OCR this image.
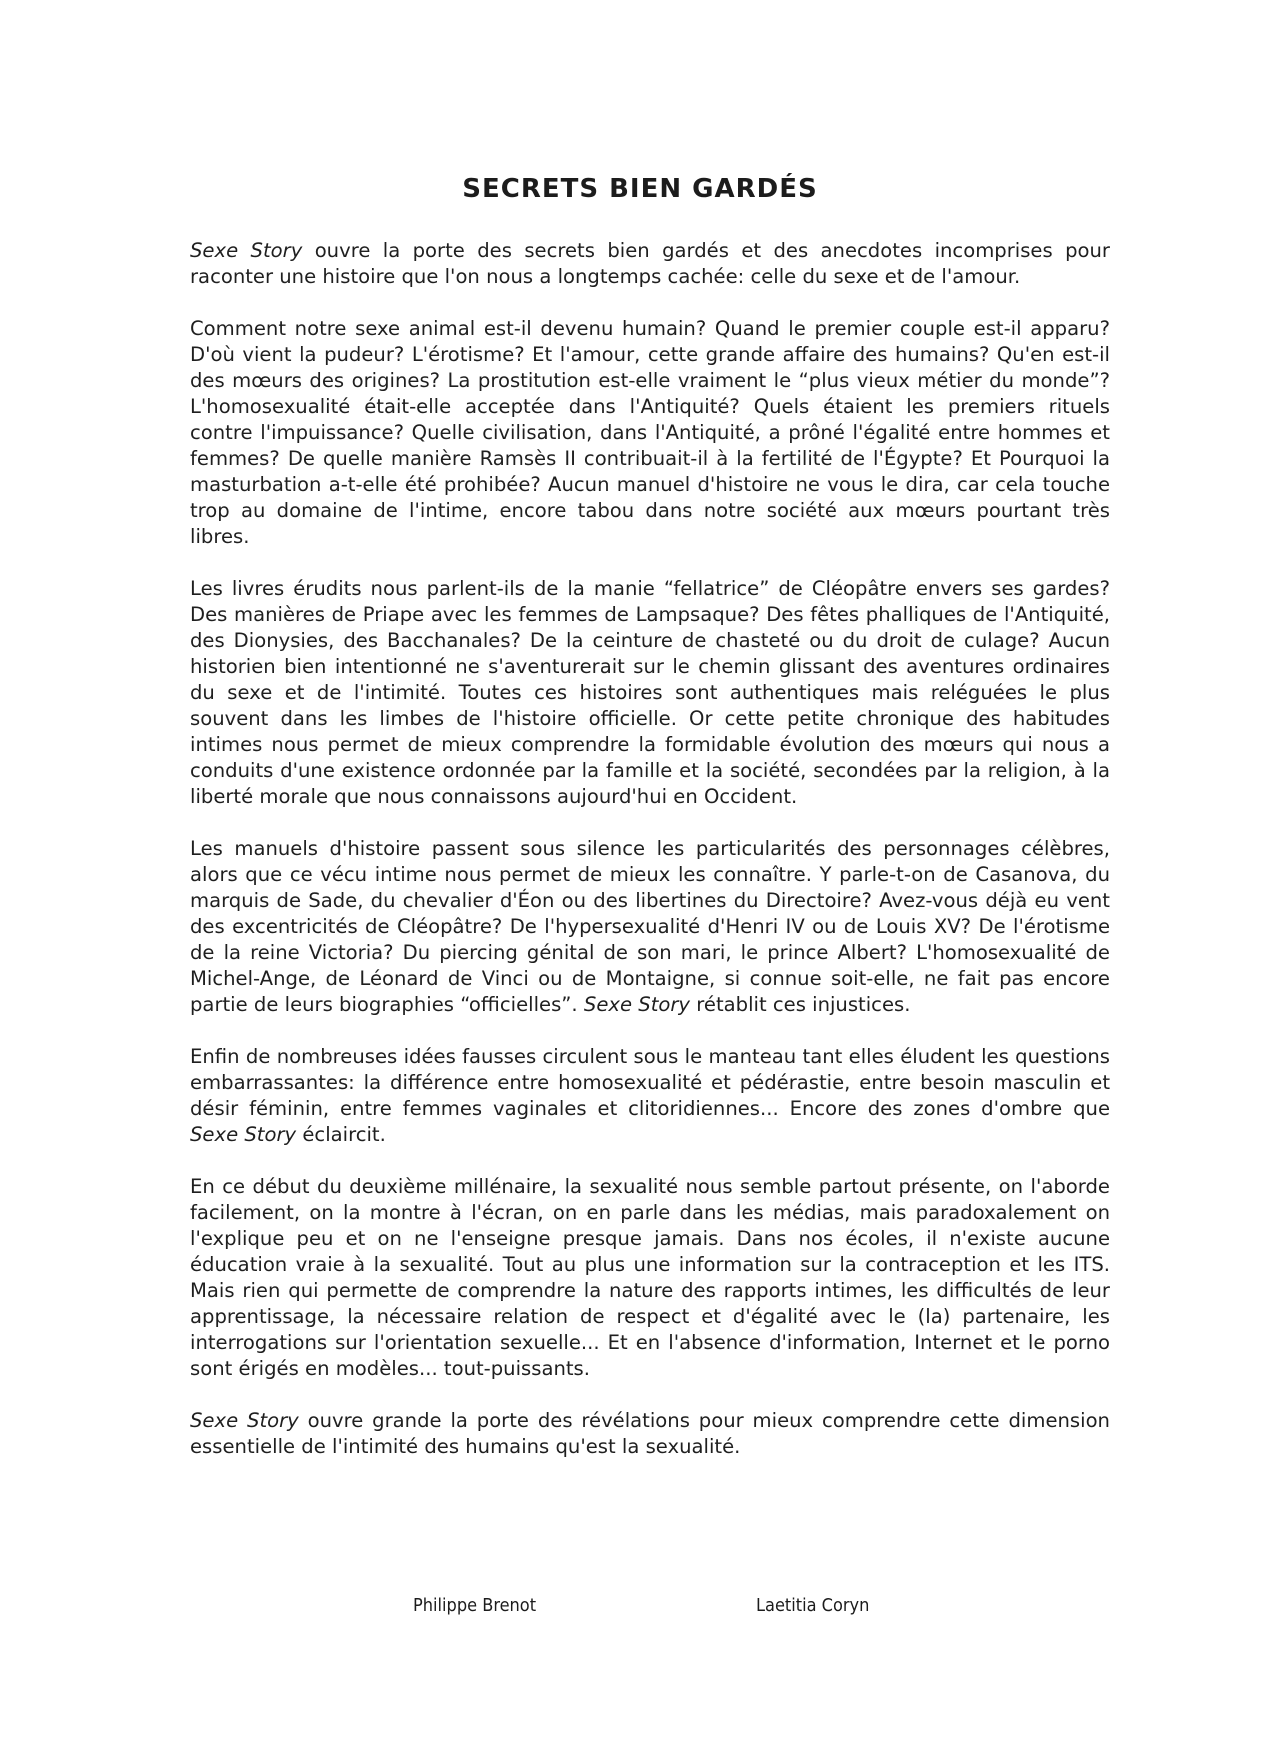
SECRETS BIEN GARDÉS

Sexe Story ouvre la porte des secrets bien gardés et des anecdotes incomprises pour raconter une histoire que l'on nous a longtemps cachée: celle du sexe et de l'amour.

Comment notre sexe animal est-il devenu humain? Quand le premier couple est-il apparu? D'où vient la pudeur? L'érotisme? Et l'amour, cette grande affaire des humains? Qu'en est-il des mœurs des origines? La prostitution est-elle vraiment le “plus vieux métier du monde”? L'homosexualité était-elle acceptée dans l'Antiquité? Quels étaient les premiers rituels contre l'impuissance? Quelle civilisation, dans l'Antiquité, a prôné l'égalité entre hommes et femmes? De quelle manière Ramsès II contribuait-il à la fertilité de l'Égypte? Et Pourquoi la masturbation a-t-elle été prohibée? Aucun manuel d'histoire ne vous le dira, car cela touche trop au domaine de l'intime, encore tabou dans notre société aux mœurs pourtant très libres.

Les livres érudits nous parlent-ils de la manie “fellatrice” de Cléopâtre envers ses gardes? Des manières de Priape avec les femmes de Lampsaque? Des fêtes phalliques de l'Antiquité, des Dionysies, des Bacchanales? De la ceinture de chasteté ou du droit de culage? Aucun historien bien intentionné ne s'aventurerait sur le chemin glissant des aventures ordinaires du sexe et de l'intimité. Toutes ces histoires sont authentiques mais reléguées le plus souvent dans les limbes de l'histoire officielle. Or cette petite chronique des habitudes intimes nous permet de mieux comprendre la formidable évolution des mœurs qui nous a conduits d'une existence ordonnée par la famille et la société, secondées par la religion, à la liberté morale que nous connaissons aujourd'hui en Occident.

Les manuels d'histoire passent sous silence les particularités des personnages célèbres, alors que ce vécu intime nous permet de mieux les connaître. Y parle-t-on de Casanova, du marquis de Sade, du chevalier d'Éon ou des libertines du Directoire? Avez-vous déjà eu vent des excentricités de Cléopâtre? De l'hypersexualité d'Henri IV ou de Louis XV? De l'érotisme de la reine Victoria? Du piercing génital de son mari, le prince Albert? L'homosexualité de Michel-Ange, de Léonard de Vinci ou de Montaigne, si connue soit-elle, ne fait pas encore partie de leurs biographies “officielles”. Sexe Story rétablit ces injustices.

Enfin de nombreuses idées fausses circulent sous le manteau tant elles éludent les questions embarrassantes: la différence entre homosexualité et pédérastie, entre besoin masculin et désir féminin, entre femmes vaginales et clitoridiennes... Encore des zones d'ombre que Sexe Story éclaircit.

En ce début du deuxième millénaire, la sexualité nous semble partout présente, on l'aborde facilement, on la montre à l'écran, on en parle dans les médias, mais paradoxalement on l'explique peu et on ne l'enseigne presque jamais. Dans nos écoles, il n'existe aucune éducation vraie à la sexualité. Tout au plus une information sur la contraception et les ITS. Mais rien qui permette de comprendre la nature des rapports intimes, les difficultés de leur apprentissage, la nécessaire relation de respect et d'égalité avec le (la) partenaire, les interrogations sur l'orientation sexuelle... Et en l'absence d'information, Internet et le porno sont érigés en modèles... tout-puissants.

Sexe Story ouvre grande la porte des révélations pour mieux comprendre cette dimension essentielle de l'intimité des humains qu'est la sexualité.

Philippe Brenot	Laetitia Coryn
